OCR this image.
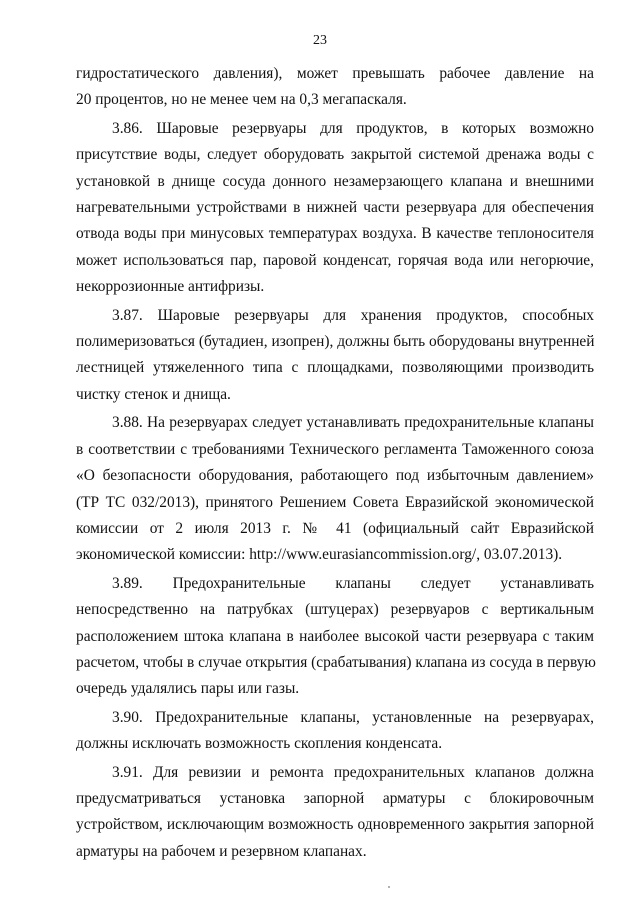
23
гидростатического давления), может превышать рабочее давление на
20 процентов, но не менее чем на 0,3 мегапаскаля.
3.86. Шаровые резервуары для продуктов, в которых возможно
присутствие воды, следует оборудовать закрытой системой дренажа воды с
установкой в днище сосуда донного незамерзающего клапана и внешними
нагревательными устройствами в нижней части резервуара для обеспечения
отвода воды при минусовых температурах воздуха. В качестве теплоносителя
может использоваться пар, паровой конденсат, горячая вода или негорючие,
некоррозионные антифризы.
3.87. Шаровые резервуары для хранения продуктов, способных
полимеризоваться (бутадиен, изопрен), должны быть оборудованы внутренней
лестницей утяжеленного типа с площадками, позволяющими производить
чистку стенок и днища.
3.88. На резервуарах следует устанавливать предохранительные клапаны
в соответствии с требованиями Технического регламента Таможенного союза
«О безопасности оборудования, работающего под избыточным давлением»
(ТР ТС 032/2013), принятого Решением Совета Евразийской экономической
комиссии от 2 июля 2013 г. № 41 (официальный сайт Евразийской
экономической комиссии: http://www.eurasiancommission.org/, 03.07.2013).
3.89. Предохранительные клапаны следует устанавливать
непосредственно на патрубках (штуцерах) резервуаров с вертикальным
расположением штока клапана в наиболее высокой части резервуара с таким
расчетом, чтобы в случае открытия (срабатывания) клапана из сосуда в первую
очередь удалялись пары или газы.
3.90. Предохранительные клапаны, установленные на резервуарах,
должны исключать возможность скопления конденсата.
3.91. Для ревизии и ремонта предохранительных клапанов должна
предусматриваться установка запорной арматуры с блокировочным
устройством, исключающим возможность одновременного закрытия запорной
арматуры на рабочем и резервном клапанах.
